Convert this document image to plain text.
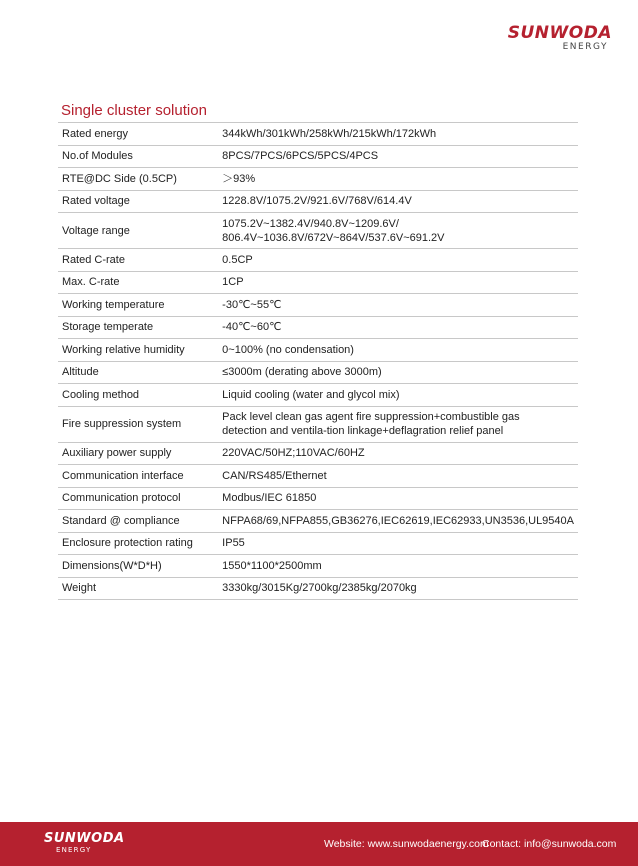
SUNWODA
ENERGY
Single cluster solution
Rated energy	344kWh/301kWh/258kWh/215kWh/172kWh
No.of Modules	8PCS/7PCS/6PCS/5PCS/4PCS
RTE@DC Side (0.5CP)	＞93%
Rated voltage	1228.8V/1075.2V/921.6V/768V/614.4V
Voltage range	1075.2V~1382.4V/940.8V~1209.6V/
806.4V~1036.8V/672V~864V/537.6V~691.2V

Rated C-rate	0.5CP
Max. C-rate	1CP
Working temperature	-30℃~55℃
Storage temperate	-40℃~60℃
Working relative humidity	0~100% (no condensation)
Altitude	≤3000m (derating above 3000m)
Cooling method	Liquid cooling (water and glycol mix)
Fire suppression system	Pack level clean gas agent fire suppression+combustible gas
detection and ventila-tion linkage+deflagration relief panel

Auxiliary power supply	220VAC/50HZ;110VAC/60HZ
Communication interface	CAN/RS485/Ethernet
Communication protocol	Modbus/IEC 61850
Standard @ compliance	NFPA68/69,NFPA855,GB36276,IEC62619,IEC62933,UN3536,UL9540A
Enclosure protection rating	IP55
Dimensions(W*D*H)	1550*1100*2500mm
Weight	3330kg/3015Kg/2700kg/2385kg/2070kg
SUNWODA
ENERGY	Website: www.sunwodaenergy.com
Contact: info@sunwoda.com
